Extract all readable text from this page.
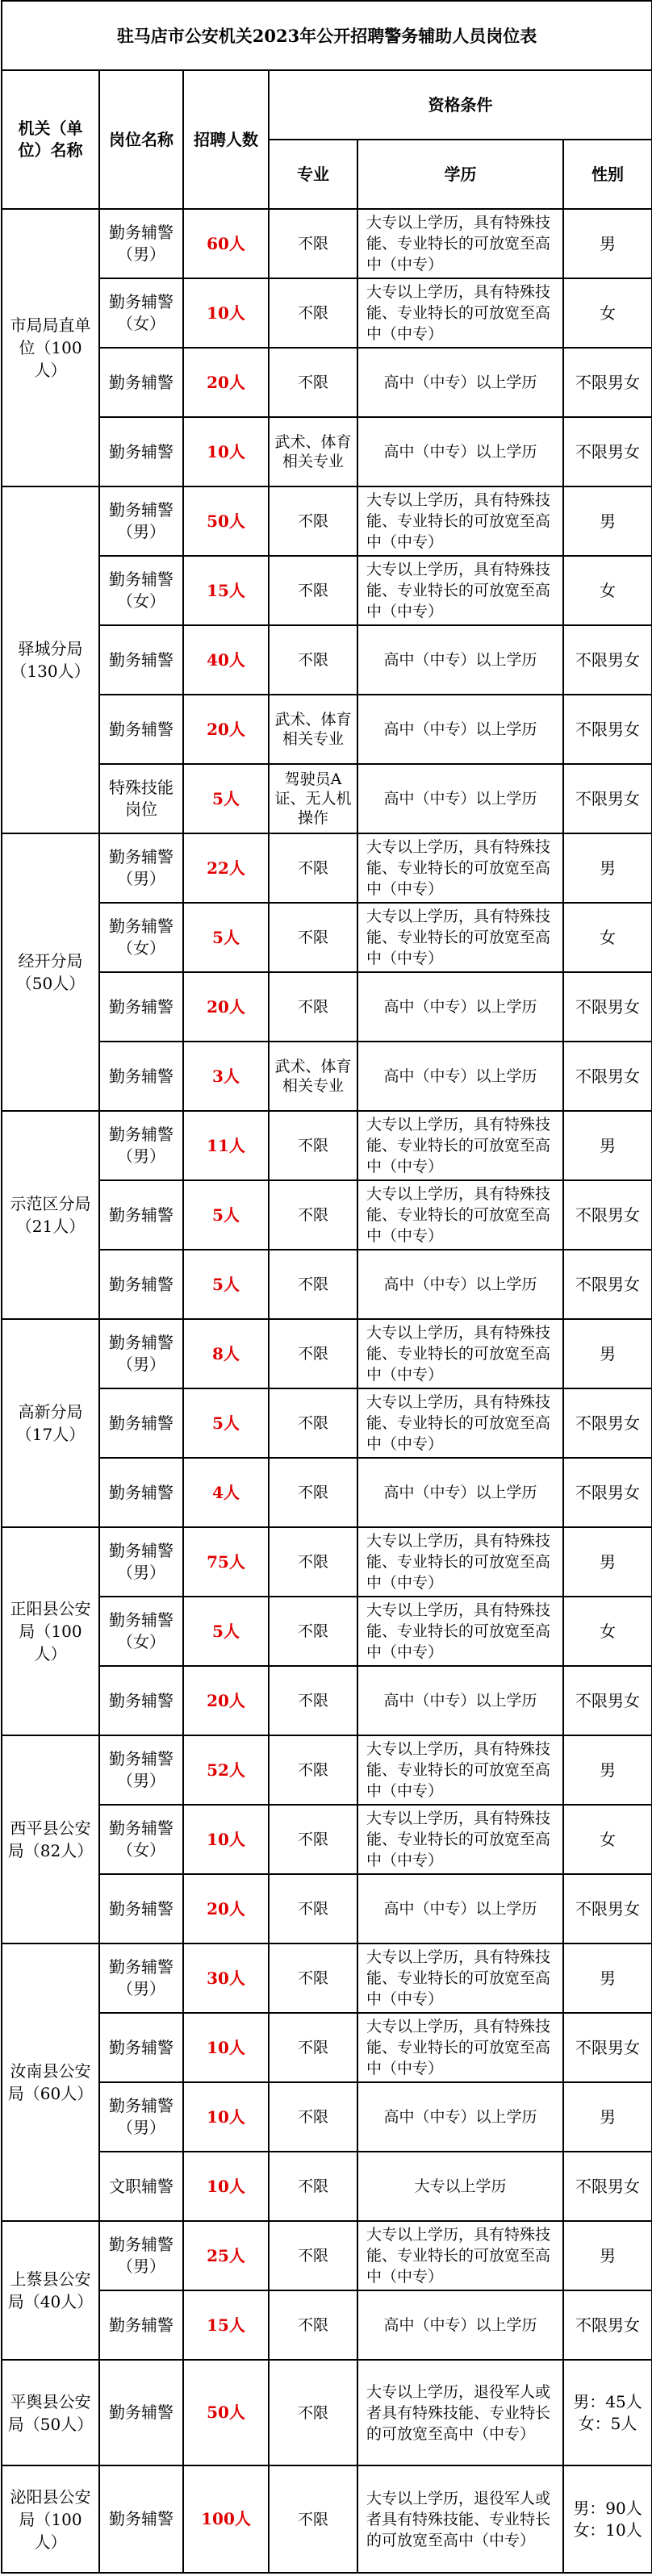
驻马店市公安机关2023年公开招聘警务辅助人员岗位表					
机关（单位）名称	岗位名称	招聘人数	资格条件		
			专业	学历	性别
市局局直单位（100人）	勤务辅警（男）	60人	不限	大专以上学历，具有特殊技能、专业特长的可放宽至高中（中专）	男
	勤务辅警（女）	10人	不限	大专以上学历，具有特殊技能、专业特长的可放宽至高中（中专）	女
	勤务辅警	20人	不限	高中（中专）以上学历	不限男女
	勤务辅警	10人	武术、体育相关专业	高中（中专）以上学历	不限男女
驿城分局（130人）	勤务辅警（男）	50人	不限	大专以上学历，具有特殊技能、专业特长的可放宽至高中（中专）	男
	勤务辅警（女）	15人	不限	大专以上学历，具有特殊技能、专业特长的可放宽至高中（中专）	女
	勤务辅警	40人	不限	高中（中专）以上学历	不限男女
	勤务辅警	20人	武术、体育相关专业	高中（中专）以上学历	不限男女
	特殊技能岗位	5人	驾驶员A证、无人机操作	高中（中专）以上学历	不限男女
经开分局（50人）	勤务辅警（男）	22人	不限	大专以上学历，具有特殊技能、专业特长的可放宽至高中（中专）	男
	勤务辅警（女）	5人	不限	大专以上学历，具有特殊技能、专业特长的可放宽至高中（中专）	女
	勤务辅警	20人	不限	高中（中专）以上学历	不限男女
	勤务辅警	3人	武术、体育相关专业	高中（中专）以上学历	不限男女
示范区分局（21人）	勤务辅警（男）	11人	不限	大专以上学历，具有特殊技能、专业特长的可放宽至高中（中专）	男
	勤务辅警	5人	不限	大专以上学历，具有特殊技能、专业特长的可放宽至高中（中专）	不限男女
	勤务辅警	5人	不限	高中（中专）以上学历	不限男女
高新分局（17人）	勤务辅警（男）	8人	不限	大专以上学历，具有特殊技能、专业特长的可放宽至高中（中专）	男
	勤务辅警	5人	不限	大专以上学历，具有特殊技能、专业特长的可放宽至高中（中专）	不限男女
	勤务辅警	4人	不限	高中（中专）以上学历	不限男女
正阳县公安局（100人）	勤务辅警（男）	75人	不限	大专以上学历，具有特殊技能、专业特长的可放宽至高中（中专）	男
	勤务辅警（女）	5人	不限	大专以上学历，具有特殊技能、专业特长的可放宽至高中（中专）	女
	勤务辅警	20人	不限	高中（中专）以上学历	不限男女
西平县公安局（82人）	勤务辅警（男）	52人	不限	大专以上学历，具有特殊技能、专业特长的可放宽至高中（中专）	男
	勤务辅警（女）	10人	不限	大专以上学历，具有特殊技能、专业特长的可放宽至高中（中专）	女
	勤务辅警	20人	不限	高中（中专）以上学历	不限男女
汝南县公安局（60人）	勤务辅警（男）	30人	不限	大专以上学历，具有特殊技能、专业特长的可放宽至高中（中专）	男
	勤务辅警	10人	不限	大专以上学历，具有特殊技能、专业特长的可放宽至高中（中专）	不限男女
	勤务辅警（男）	10人	不限	高中（中专）以上学历	男
	文职辅警	10人	不限	大专以上学历	不限男女
上蔡县公安局（40人）	勤务辅警（男）	25人	不限	大专以上学历，具有特殊技能、专业特长的可放宽至高中（中专）	男
	勤务辅警	15人	不限	高中（中专）以上学历	不限男女
平舆县公安局（50人）	勤务辅警	50人	不限	大专以上学历，退役军人或者具有特殊技能、专业特长的可放宽至高中（中专）	男：45人女：5人
泌阳县公安局（100人）	勤务辅警	100人	不限	大专以上学历，退役军人或者具有特殊技能、专业特长的可放宽至高中（中专）	男：90人女：10人
